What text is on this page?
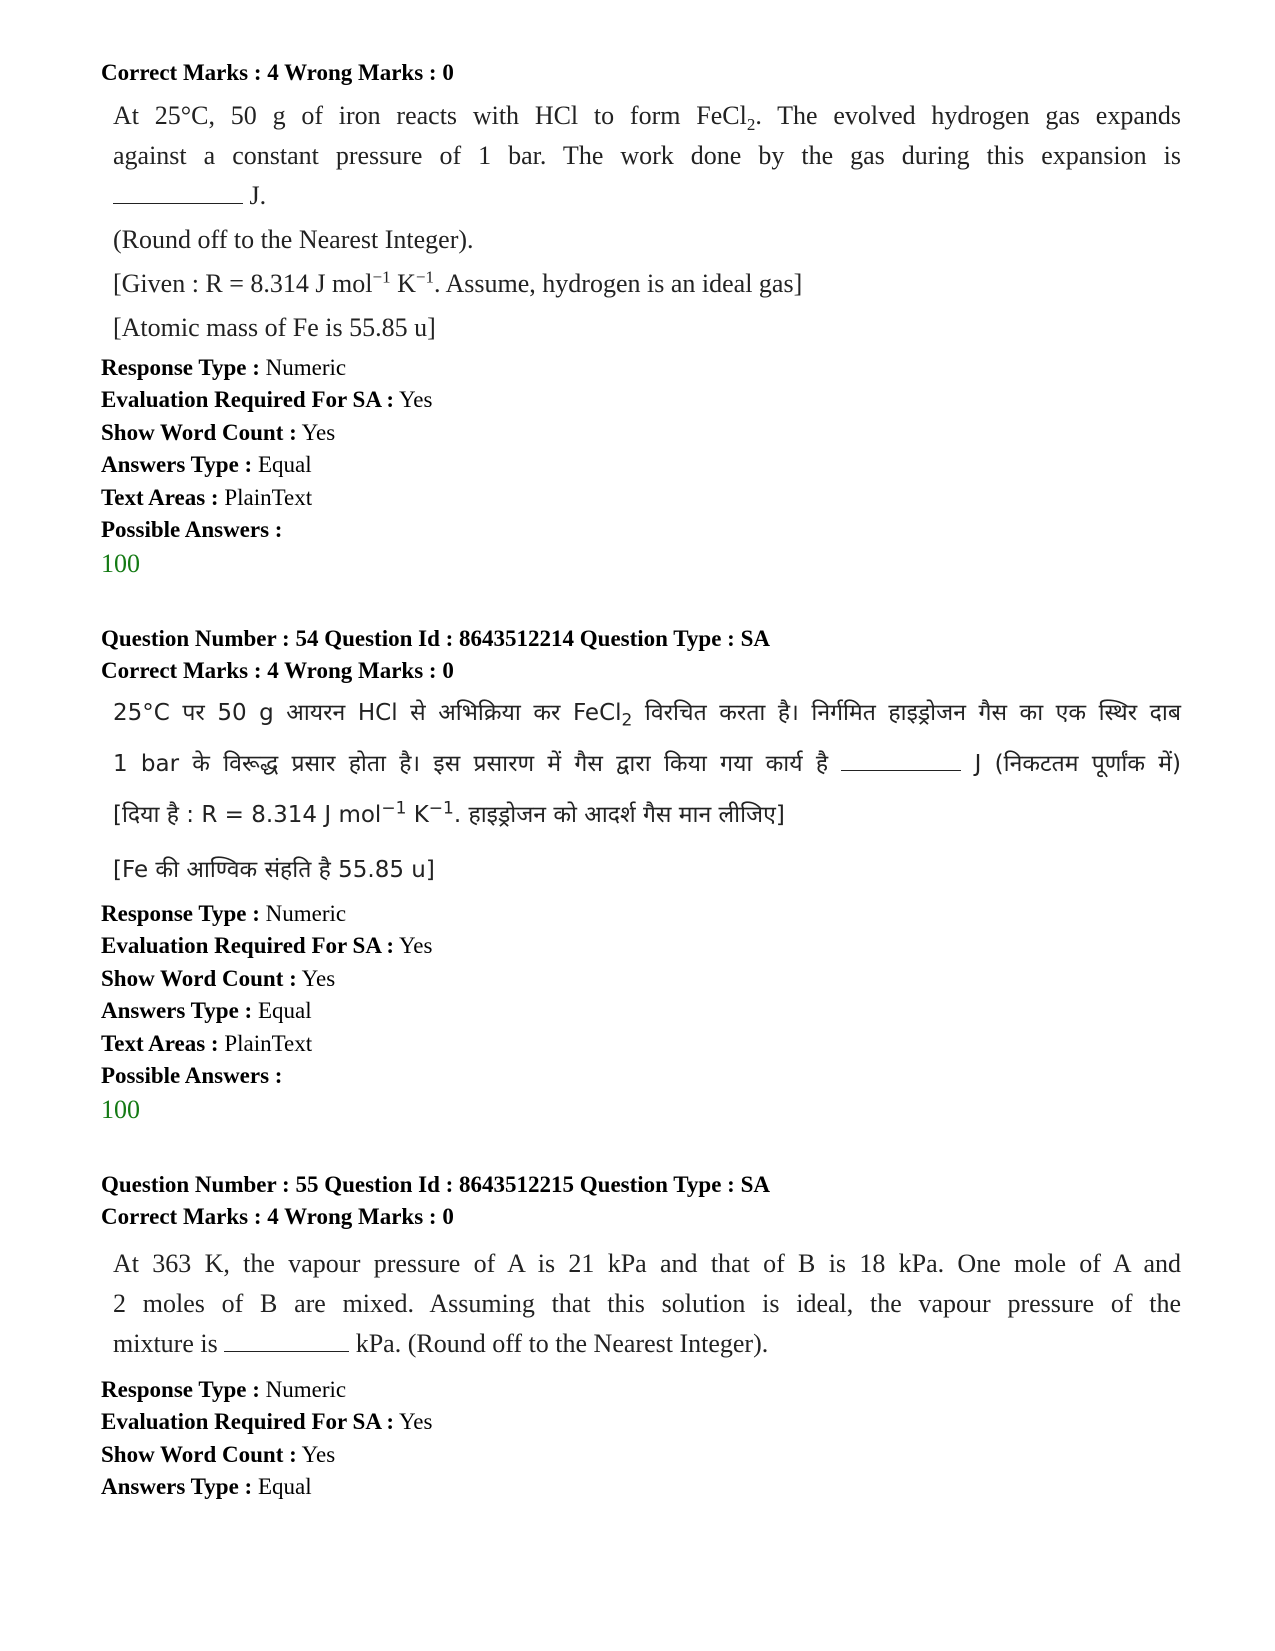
Correct Marks : 4 Wrong Marks : 0

At 25°C, 50 g of iron reacts with HCl to form FeCl$_2$. The evolved hydrogen gas expands

against a constant pressure of 1 bar. The work done by the gas during this expansion is

J.

(Round off to the Nearest Integer).

[Given : R = 8.314 J mol$^{-1}$ $K^{-1}$. Assume, hydrogen is an ideal gas]

[Atomic mass of Fe is 55.85 u]

Response Type : Numeric
Evaluation Required For SA : Yes
Show Word Count : Yes
Answers Type : Equal
Text Areas : PlainText
Possible Answers :
100
Question Number : 54 Question Id : 8643512214 Question Type : SA
Correct Marks : 4 Wrong Marks : 0

25°C पर 50 g आयरन HCl से अभिक्रिया कर FeCl$_2$ विरचित करता है। निर्गमित हाइड्रोजन गैस का एक स्थिर दाब

1 bar के विरूद्ध प्रसार होता है। इस प्रसारण में गैस द्वारा किया गया कार्य है	J (निकटतम पूर्णांक में)

[दिया है : R = 8.314 J mol$^{-1}$ $K^{-1}$. हाइड्रोजन को आदर्श गैस मान लीजिए]

[Fe की आण्विक संहति है 55.85 u]

Response Type : Numeric
Evaluation Required For SA : Yes
Show Word Count : Yes
Answers Type : Equal
Text Areas : PlainText
Possible Answers :
100
Question Number : 55 Question Id : 8643512215 Question Type : SA
Correct Marks : 4 Wrong Marks : 0

At 363 K, the vapour pressure of A is 21 kPa and that of B is 18 kPa. One mole of A and

2 moles of B are mixed. Assuming that this solution is ideal, the vapour pressure of the

mixture is	kPa. (Round off to the Nearest Integer).

Response Type : Numeric
Evaluation Required For SA : Yes
Show Word Count : Yes
Answers Type : Equal
